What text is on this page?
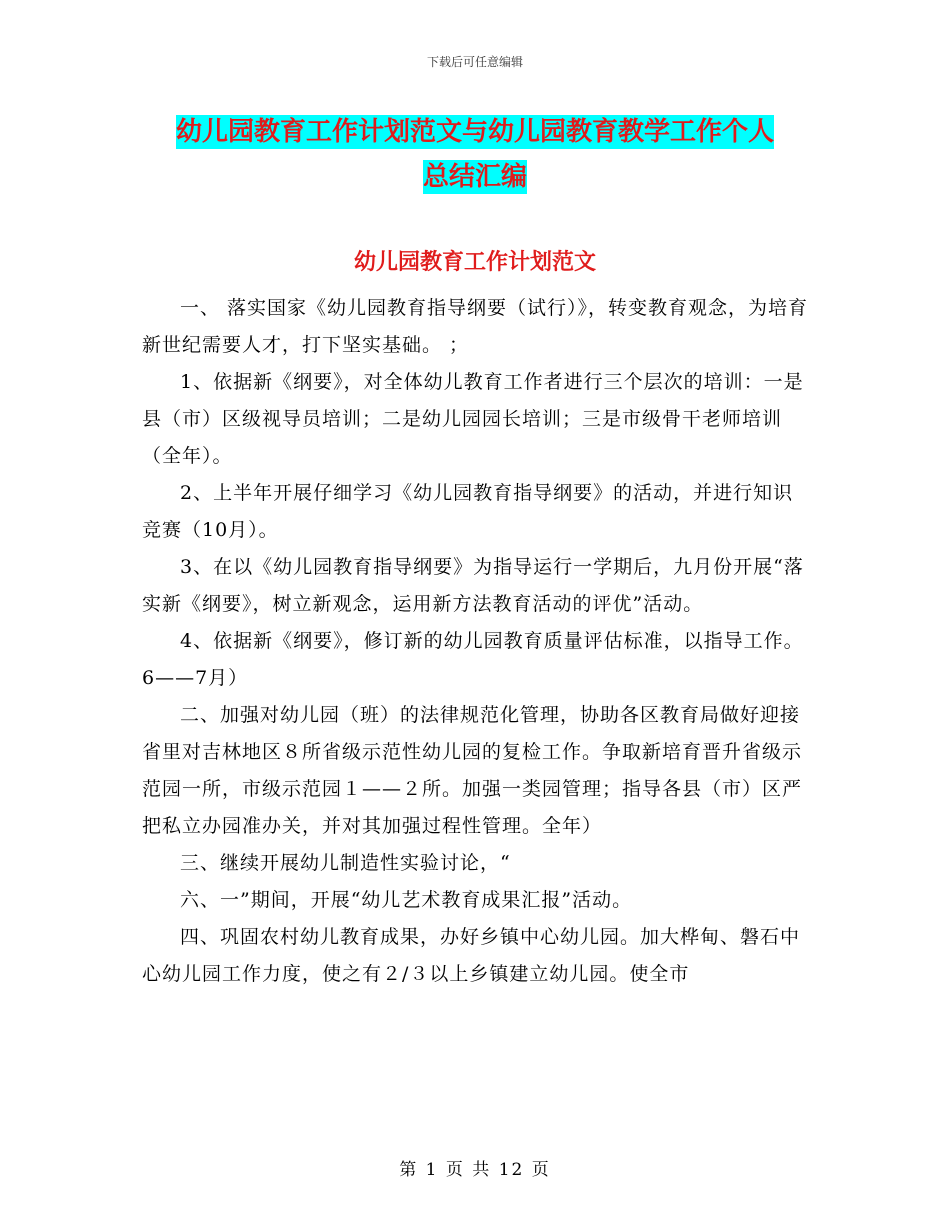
下载后可任意编辑
幼儿园教育工作计划范文与幼儿园教育教学工作个人
总结汇编
幼儿园教育工作计划范文

一、 落实国家《幼儿园教育指导纲要（试行）》，转变教育观念，为培育新世纪需要人才，打下坚实基础。 ；

1、依据新《纲要》，对全体幼儿教育工作者进行三个层次的培训：一是县（市）区级视导员培训；二是幼儿园园长培训；三是市级骨干老师培训（全年）。

2、上半年开展仔细学习《幼儿园教育指导纲要》的活动，并进行知识竞赛（10月）。

3、在以《幼儿园教育指导纲要》为指导运行一学期后，九月份开展“落实新《纲要》，树立新观念，运用新方法教育活动的评优”活动。

4、依据新《纲要》，修订新的幼儿园教育质量评估标准，以指导工作。6——7月）

二、加强对幼儿园（班）的法律规范化管理，协助各区教育局做好迎接省里对吉林地区８所省级示范性幼儿园的复检工作。争取新培育晋升省级示范园一所，市级示范园１——２所。加强一类园管理；指导各县（市）区严把私立办园准办关，并对其加强过程性管理。全年）

三、继续开展幼儿制造性实验讨论，“

六、一”期间，开展“幼儿艺术教育成果汇报”活动。

四、巩固农村幼儿教育成果，办好乡镇中心幼儿园。加大桦甸、磐石中心幼儿园工作力度，使之有２/３以上乡镇建立幼儿园。使全市

第 1 页 共 12 页
